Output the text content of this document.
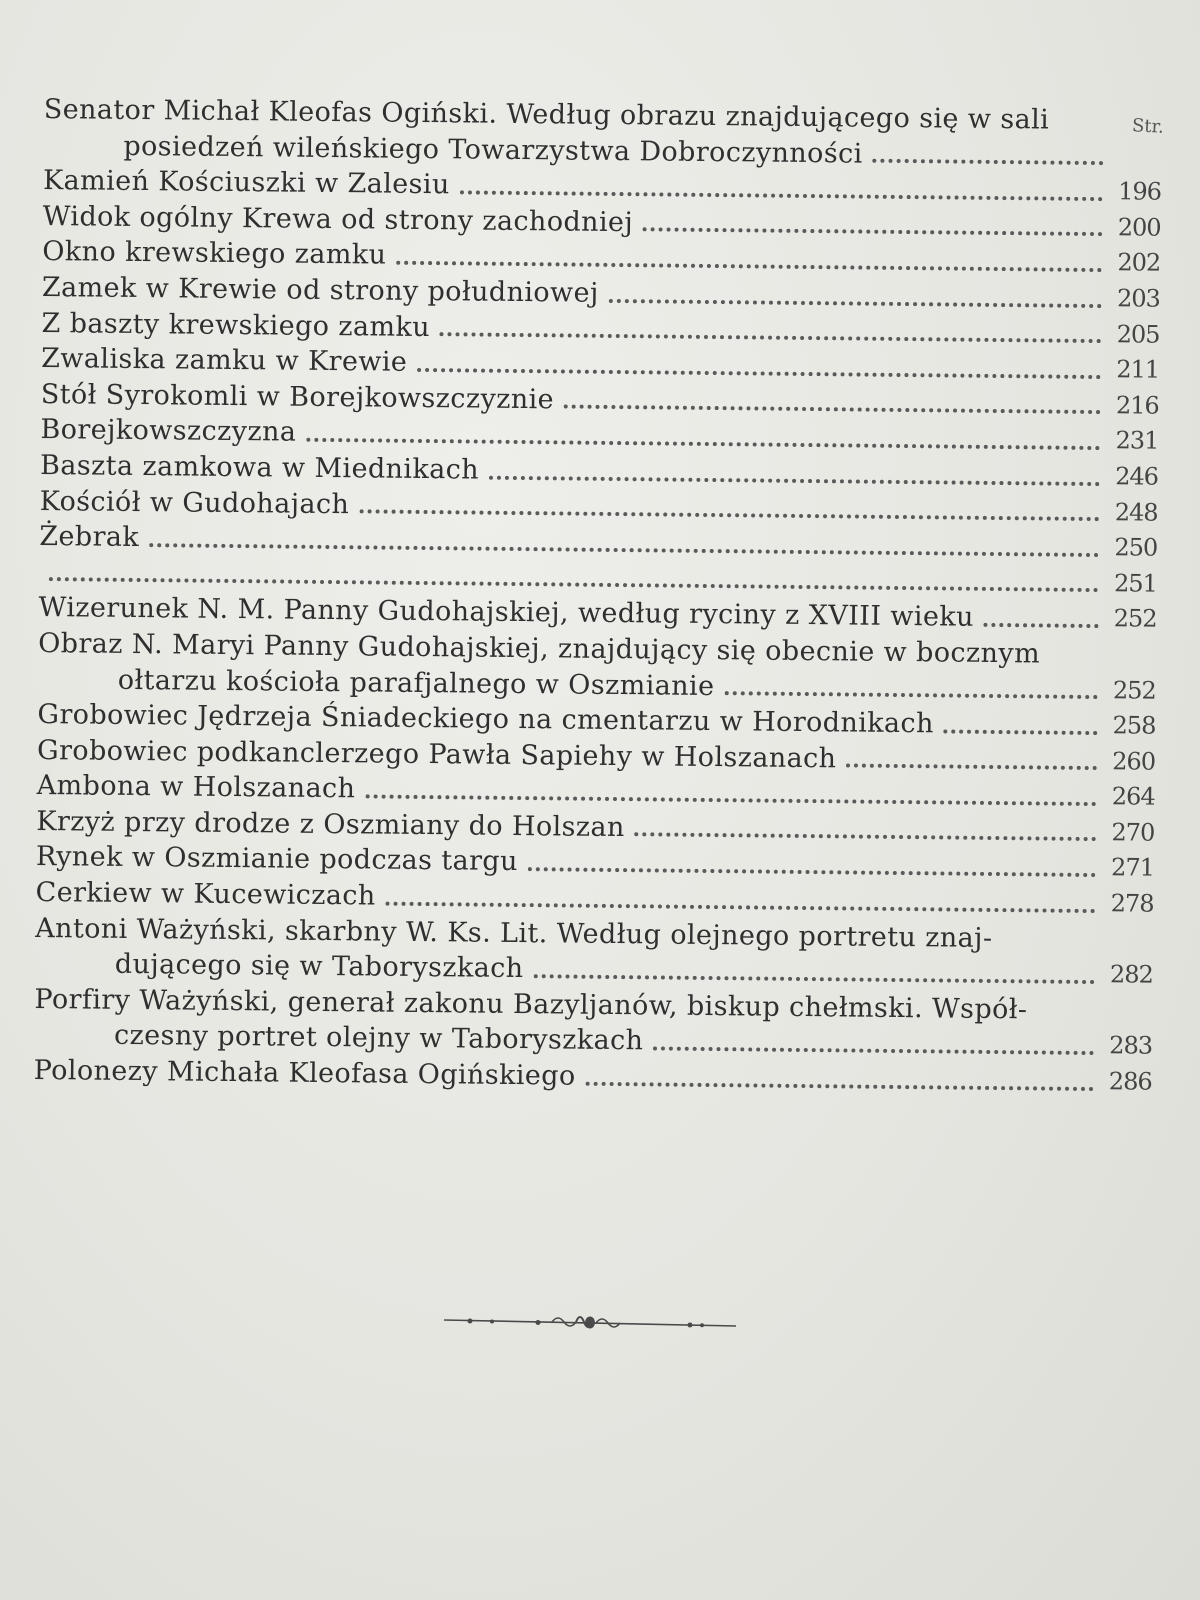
Str.
Senator Michał Kleofas Ogiński. Według obrazu znajdującego się w sali
posiedzeń wileńskiego Towarzystwa Dobroczynności
Kamień Kościuszki w Zalesiu	196
Widok ogólny Krewa od strony zachodniej	200
Okno krewskiego zamku	202
Zamek w Krewie od strony południowej	203
Z baszty krewskiego zamku	205
Zwaliska zamku w Krewie	211
Stół Syrokomli w Borejkowszczyznie	216
Borejkowszczyzna	231
Baszta zamkowa w Miednikach	246
Kościół w Gudohajach	248
Żebrak	250
251
Wizerunek N. M. Panny Gudohajskiej, według ryciny z XVIII wieku	252
Obraz N. Maryi Panny Gudohajskiej, znajdujący się obecnie w bocznym
ołtarzu kościoła parafjalnego w Oszmianie	252
Grobowiec Jędrzeja Śniadeckiego na cmentarzu w Horodnikach	258
Grobowiec podkanclerzego Pawła Sapiehy w Holszanach	260
Ambona w Holszanach	264
Krzyż przy drodze z Oszmiany do Holszan	270
Rynek w Oszmianie podczas targu	271
Cerkiew w Kucewiczach	278
Antoni Ważyński, skarbny W. Ks. Lit. Według olejnego portretu znaj-
dującego się w Taboryszkach	282
Porfiry Ważyński, generał zakonu Bazyljanów, biskup chełmski. Współ-
czesny portret olejny w Taboryszkach	283
Polonezy Michała Kleofasa Ogińskiego	286
